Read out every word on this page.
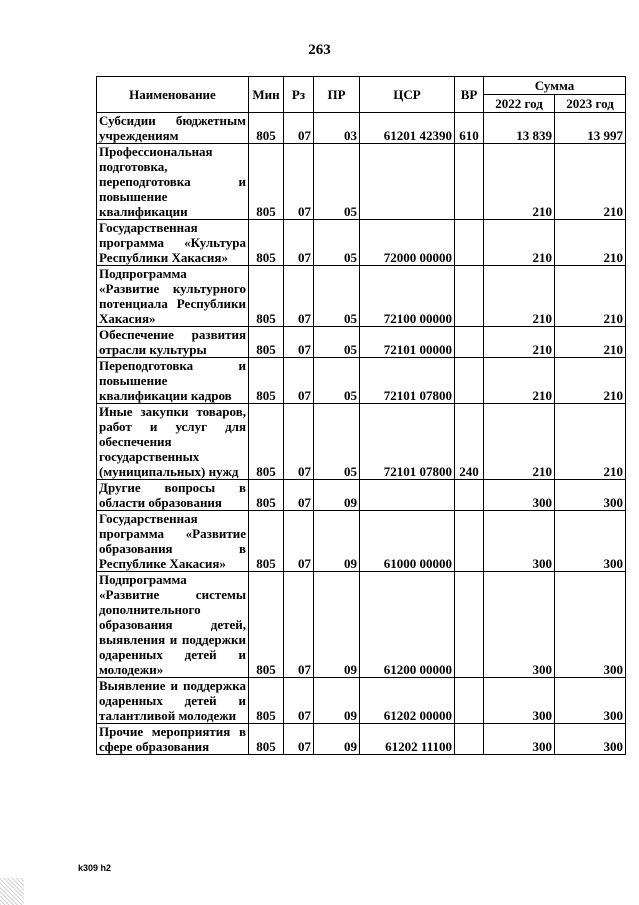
263
Наименование	Мин	Рз	ПР	ЦСР	ВР	Сумма	
						2022 год	2023 год
Субсидии бюджетным учреждениям	805	07	03	61201 42390	610	13 839	13 997
Профессиональная подготовка, переподготовка и повышение квалификации	805	07	05			210	210
Государственная программа «Культура Республики Хакасия»	805	07	05	72000 00000		210	210
Подпрограмма «Развитие культурного потенциала Республики Хакасия»	805	07	05	72100 00000		210	210
Обеспечение развития отрасли культуры	805	07	05	72101 00000		210	210
Переподготовка и повышение квалификации кадров	805	07	05	72101 07800		210	210
Иные закупки товаров, работ и услуг для обеспечения государственных (муниципальных) нужд	805	07	05	72101 07800	240	210	210
Другие вопросы в области образования	805	07	09			300	300
Государственная программа «Развитие образования в Республике Хакасия»	805	07	09	61000 00000		300	300
Подпрограмма «Развитие системы дополнительного образования детей, выявления и поддержки одаренных детей и молодежи»	805	07	09	61200 00000		300	300
Выявление и поддержка одаренных детей и талантливой молодежи	805	07	09	61202 00000		300	300
Прочие мероприятия в сфере образования	805	07	09	61202 11100		300	300
k309 h2
